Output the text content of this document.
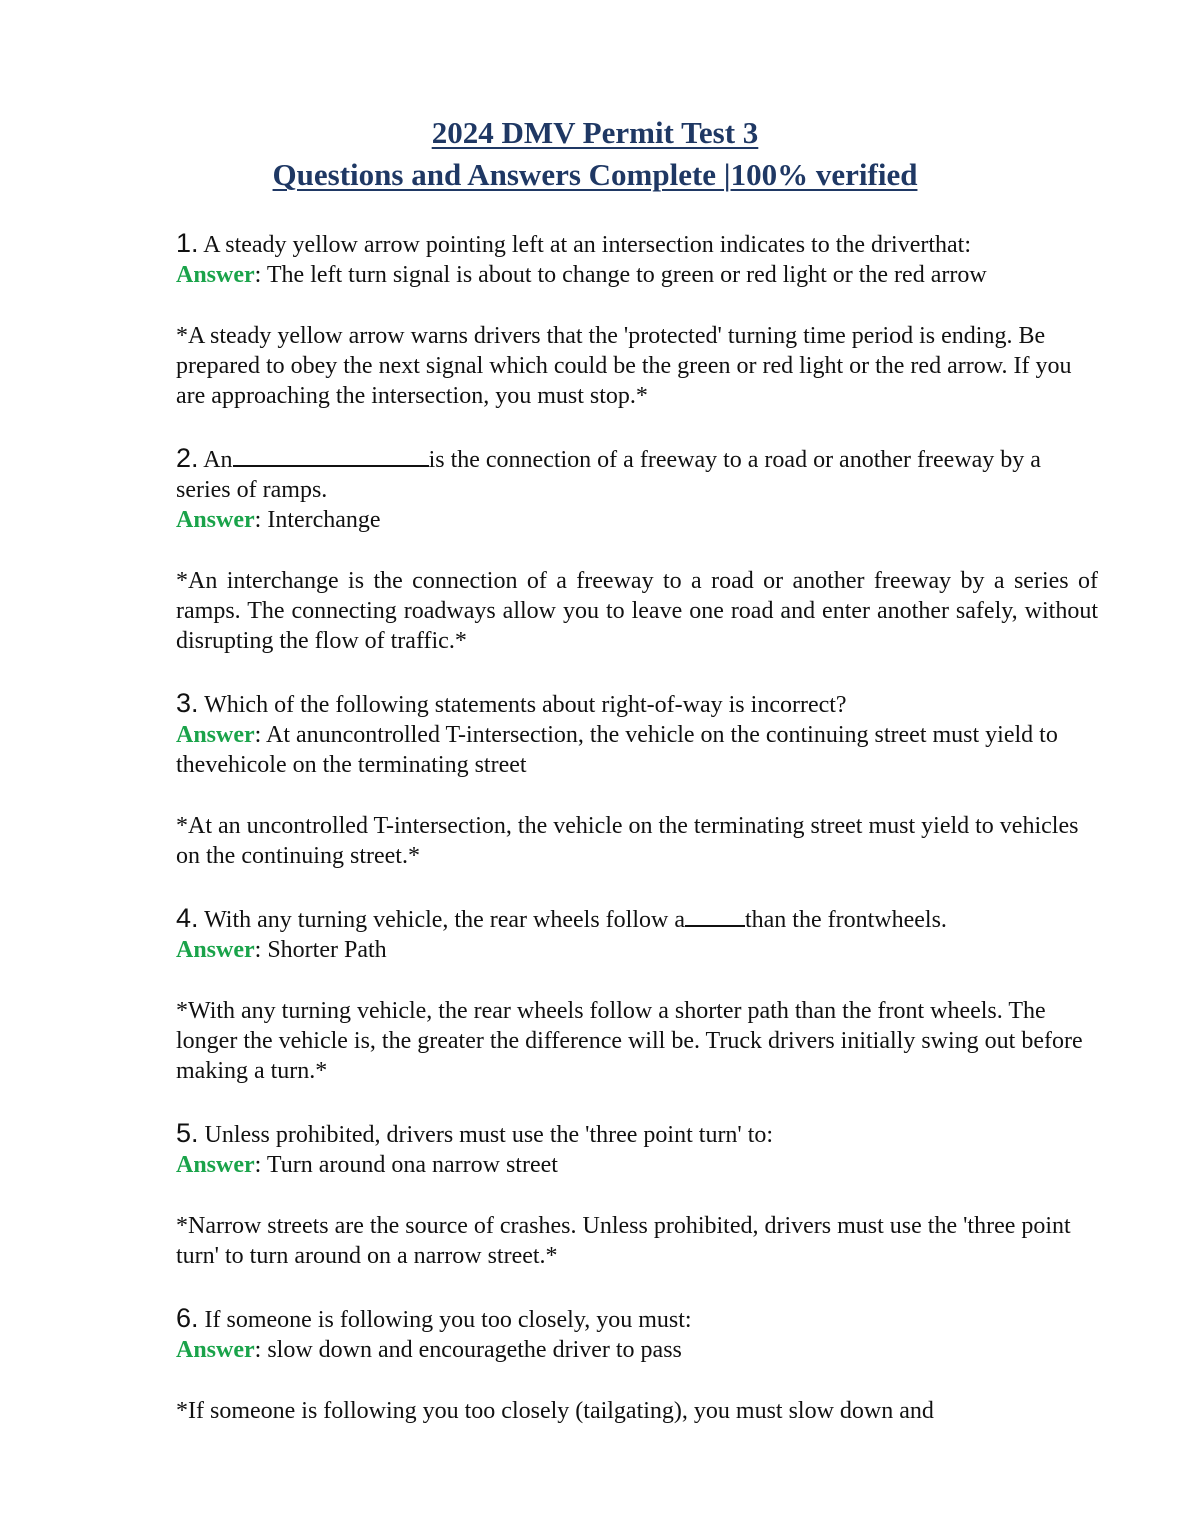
2024 DMV Permit Test 3
Questions and Answers Complete |100% verified
1. A steady yellow arrow pointing left at an intersection indicates to the driverthat:
Answer: The left turn signal is about to change to green or red light or the red arrow
*A steady yellow arrow warns drivers that the 'protected' turning time period is ending. Be prepared to obey the next signal which could be the green or red light or the red arrow. If you are approaching the intersection, you must stop.*
2. An	is the connection of a freeway to a road or another freeway by a series of ramps.
Answer: Interchange
*An interchange is the connection of a freeway to a road or another freeway by a series of ramps. The connecting roadways allow you to leave one road and enter another safely, without disrupting the flow of traffic.*
3. Which of the following statements about right-of-way is incorrect?
Answer: At anuncontrolled T-intersection, the vehicle on the continuing street must yield to thevehicole on the terminating street
*At an uncontrolled T-intersection, the vehicle on the terminating street must yield to vehicles on the continuing street.*
4. With any turning vehicle, the rear wheels follow a	than the frontwheels.
Answer: Shorter Path
*With any turning vehicle, the rear wheels follow a shorter path than the front wheels. The longer the vehicle is, the greater the difference will be. Truck drivers initially swing out before making a turn.*
5. Unless prohibited, drivers must use the 'three point turn' to:
Answer: Turn around ona narrow street
*Narrow streets are the source of crashes. Unless prohibited, drivers must use the 'three point turn' to turn around on a narrow street.*
6. If someone is following you too closely, you must:
Answer: slow down and encouragethe driver to pass
*If someone is following you too closely (tailgating), you must slow down and
